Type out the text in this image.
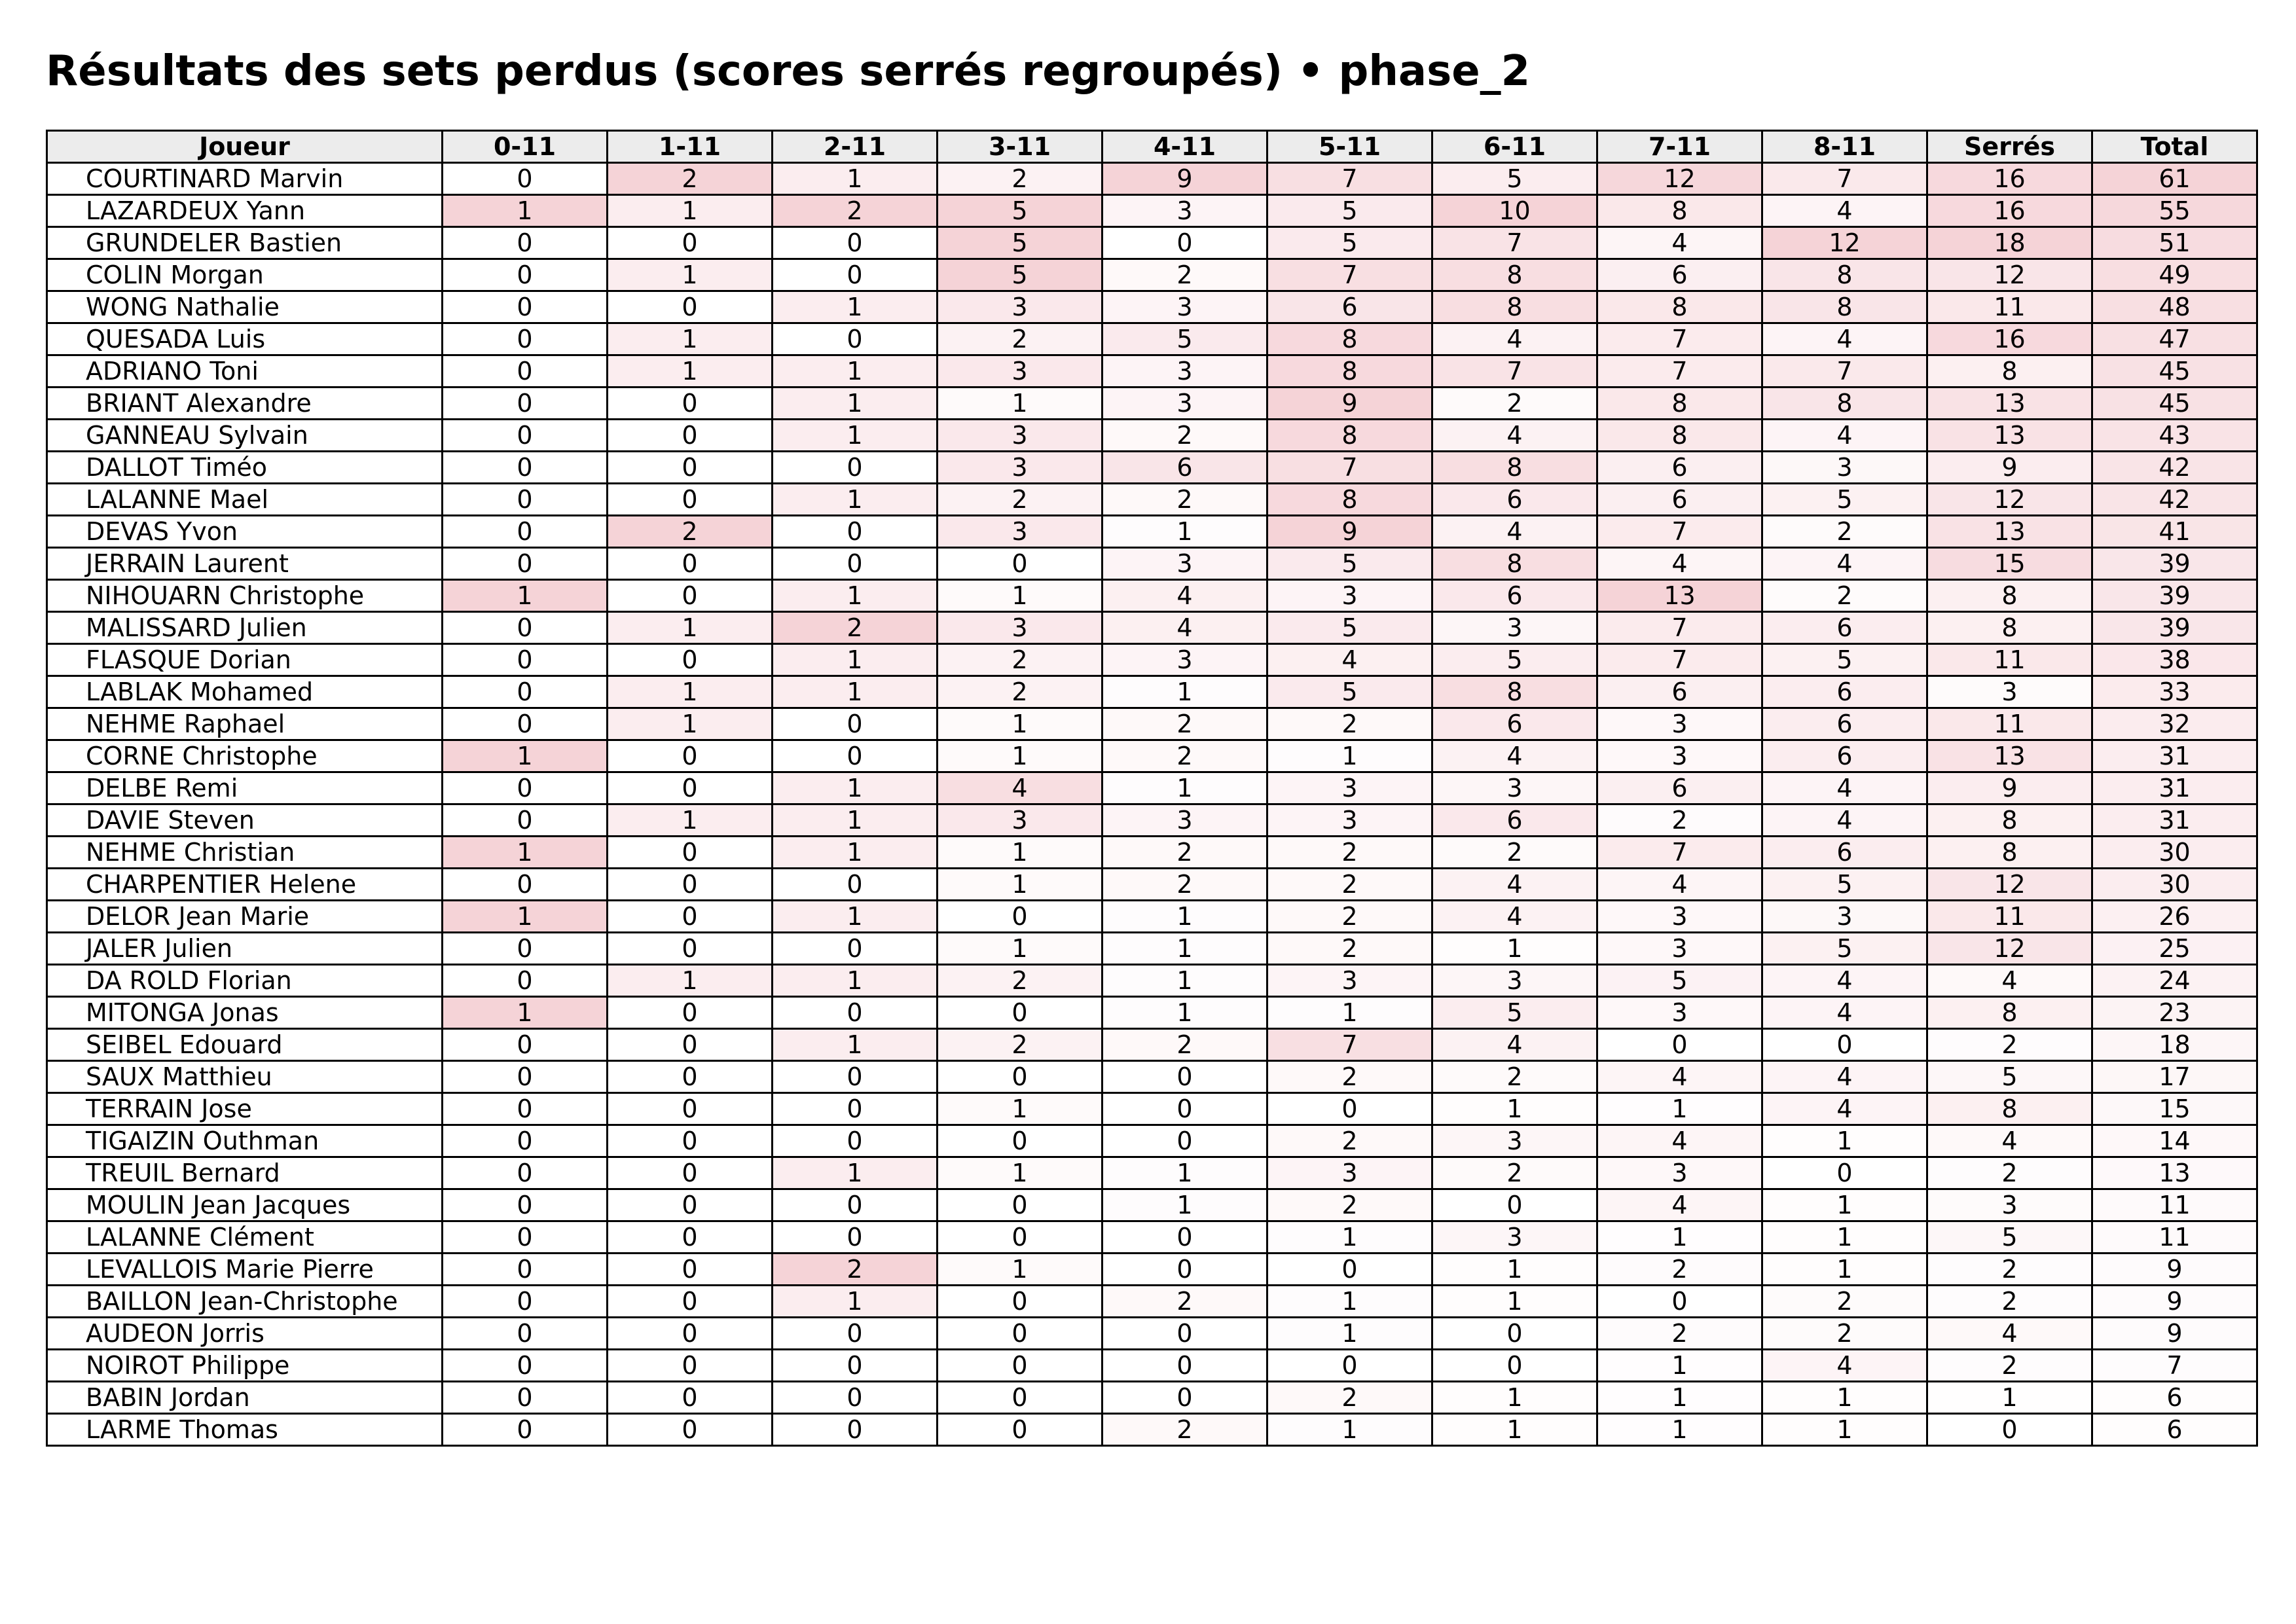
Résultats des sets perdus (scores serrés regroupés) • phase_2
Joueur	0-11	1-11	2-11	3-11	4-11	5-11	6-11	7-11	8-11	Serrés	Total
COURTINARD Marvin	0	2	1	2	9	7	5	12	7	16	61
LAZARDEUX Yann	1	1	2	5	3	5	10	8	4	16	55
GRUNDELER Bastien	0	0	0	5	0	5	7	4	12	18	51
COLIN Morgan	0	1	0	5	2	7	8	6	8	12	49
WONG Nathalie	0	0	1	3	3	6	8	8	8	11	48
QUESADA Luis	0	1	0	2	5	8	4	7	4	16	47
ADRIANO Toni	0	1	1	3	3	8	7	7	7	8	45
BRIANT Alexandre	0	0	1	1	3	9	2	8	8	13	45
GANNEAU Sylvain	0	0	1	3	2	8	4	8	4	13	43
DALLOT Timéo	0	0	0	3	6	7	8	6	3	9	42
LALANNE Mael	0	0	1	2	2	8	6	6	5	12	42
DEVAS Yvon	0	2	0	3	1	9	4	7	2	13	41
JERRAIN Laurent	0	0	0	0	3	5	8	4	4	15	39
NIHOUARN Christophe	1	0	1	1	4	3	6	13	2	8	39
MALISSARD Julien	0	1	2	3	4	5	3	7	6	8	39
FLASQUE Dorian	0	0	1	2	3	4	5	7	5	11	38
LABLAK Mohamed	0	1	1	2	1	5	8	6	6	3	33
NEHME Raphael	0	1	0	1	2	2	6	3	6	11	32
CORNE Christophe	1	0	0	1	2	1	4	3	6	13	31
DELBE Remi	0	0	1	4	1	3	3	6	4	9	31
DAVIE Steven	0	1	1	3	3	3	6	2	4	8	31
NEHME Christian	1	0	1	1	2	2	2	7	6	8	30
CHARPENTIER Helene	0	0	0	1	2	2	4	4	5	12	30
DELOR Jean Marie	1	0	1	0	1	2	4	3	3	11	26
JALER Julien	0	0	0	1	1	2	1	3	5	12	25
DA ROLD Florian	0	1	1	2	1	3	3	5	4	4	24
MITONGA Jonas	1	0	0	0	1	1	5	3	4	8	23
SEIBEL Edouard	0	0	1	2	2	7	4	0	0	2	18
SAUX Matthieu	0	0	0	0	0	2	2	4	4	5	17
TERRAIN Jose	0	0	0	1	0	0	1	1	4	8	15
TIGAIZIN Outhman	0	0	0	0	0	2	3	4	1	4	14
TREUIL Bernard	0	0	1	1	1	3	2	3	0	2	13
MOULIN Jean Jacques	0	0	0	0	1	2	0	4	1	3	11
LALANNE Clément	0	0	0	0	0	1	3	1	1	5	11
LEVALLOIS Marie Pierre	0	0	2	1	0	0	1	2	1	2	9
BAILLON Jean-Christophe	0	0	1	0	2	1	1	0	2	2	9
AUDEON Jorris	0	0	0	0	0	1	0	2	2	4	9
NOIROT Philippe	0	0	0	0	0	0	0	1	4	2	7
BABIN Jordan	0	0	0	0	0	2	1	1	1	1	6
LARME Thomas	0	0	0	0	2	1	1	1	1	0	6
